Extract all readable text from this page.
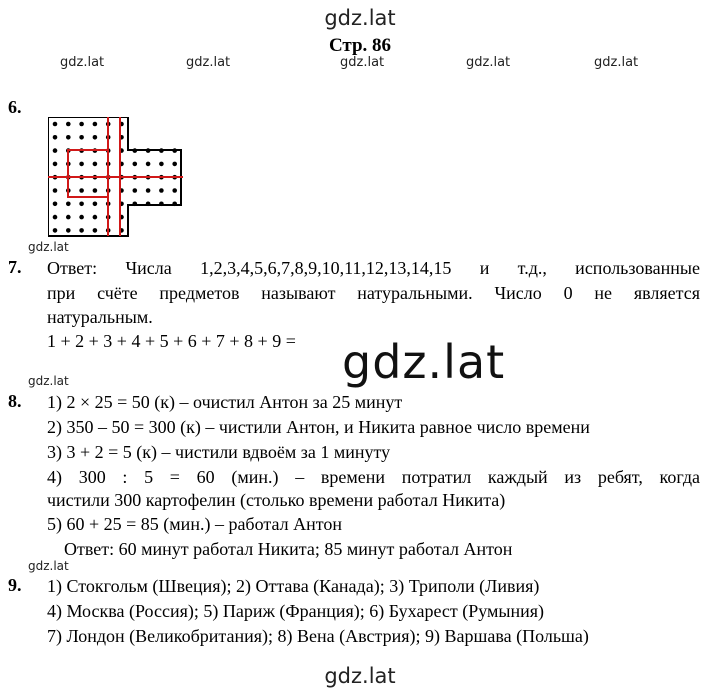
gdz.lat
gdz.lat	gdz.lat	gdz.lat	gdz.lat	gdz.lat
Стр. 86
6.
gdz.lat
7. Ответ: Числа 1,2,3,4,5,6,7,8,9,10,11,12,13,14,15 и т.д., использованные
при счёте предметов называют натуральными. Число 0 не является
натуральным.
1 + 2 + 3 + 4 + 5 + 6 + 7 + 8 + 9 = gdz.lat
gdz.lat
8. 1) 2 × 25 = 50 (к) – очистил Антон за 25 минут
2) 350 – 50 = 300 (к) – чистили Антон, и Никита равное число времени
3) 3 + 2 = 5 (к) – чистили вдвоём за 1 минуту
4) 300 : 5 = 60 (мин.) – времени потратил каждый из ребят, когда
чистили 300 картофелин (столько времени работал Никита)
5) 60 + 25 = 85 (мин.) – работал Антон
Ответ: 60 минут работал Никита; 85 минут работал Антон
gdz.lat
9. 1) Стокгольм (Швеция); 2) Оттава (Канада); 3) Триполи (Ливия)
4) Москва (Россия); 5) Париж (Франция); 6) Бухарест (Румыния)
7) Лондон (Великобритания); 8) Вена (Австрия); 9) Варшава (Польша)
gdz.lat
